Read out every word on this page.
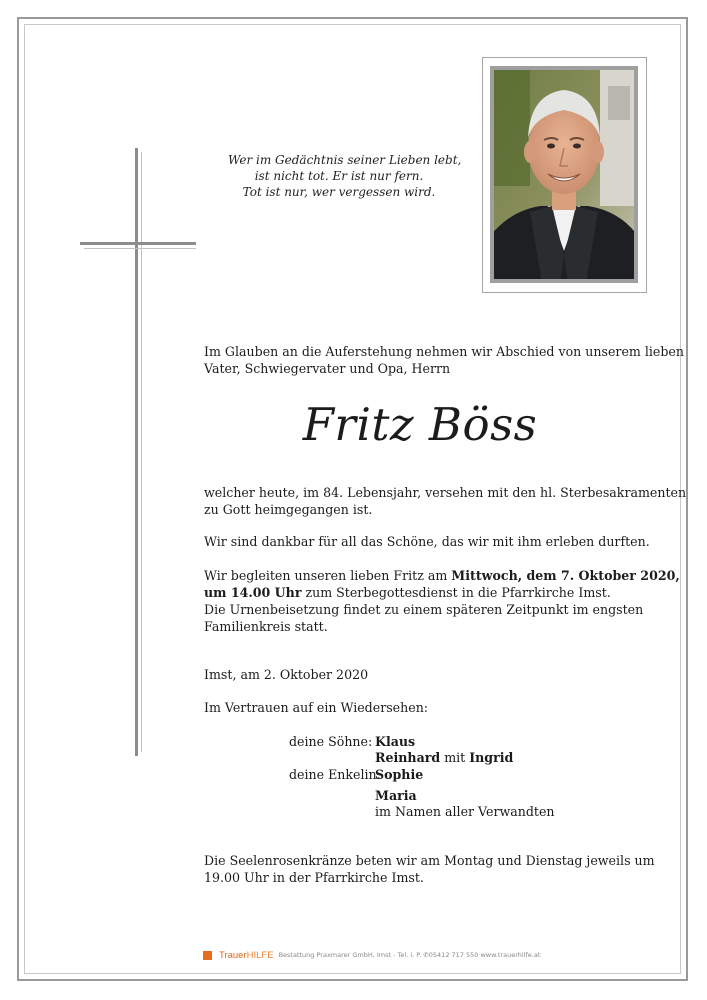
Wer im Gedächtnis seiner Lieben lebt,
ist nicht tot. Er ist nur fern.
Tot ist nur, wer vergessen wird.
Im Glauben an die Auferstehung nehmen wir Abschied von unserem lieben
Vater, Schwiegervater und Opa, Herrn
Fritz Böss
welcher heute, im 84. Lebensjahr, versehen mit den hl. Sterbesakramenten
zu Gott heimgegangen ist.
Wir sind dankbar für all das Schöne, das wir mit ihm erleben durften.
Wir begleiten unseren lieben Fritz am Mittwoch, dem 7. Oktober 2020,
um 14.00 Uhr zum Sterbegottesdienst in die Pfarrkirche Imst.
Die Urnenbeisetzung findet zu einem späteren Zeitpunkt im engsten
Familienkreis statt.
Imst, am 2. Oktober 2020
Im Vertrauen auf ein Wiedersehen:
deine Söhne: Klaus
Reinhard mit Ingrid
deine Enkelin:
Sophie
Maria
im Namen aller Verwandten
Die Seelenrosenkränze beten wir am Montag und Dienstag jeweils um
19.00 Uhr in der Pfarrkirche Imst.
TrauerHILFE Bestattung Praxmarer GmbH, Imst - Tel. i. P. ✆05412 717 550 www.trauerhilfe.at
